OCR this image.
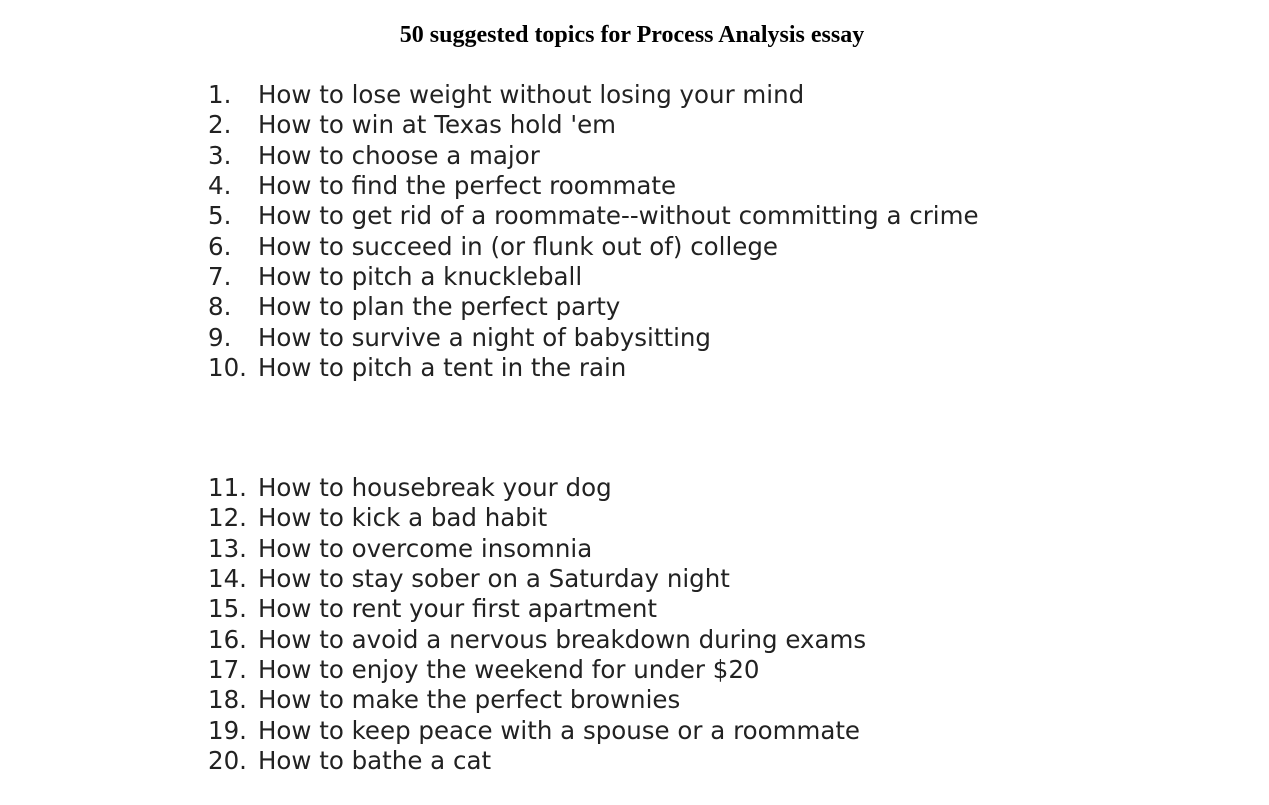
50 suggested topics for Process Analysis essay
1.	How to lose weight without losing your mind
2.	How to win at Texas hold 'em
3.	How to choose a major
4.	How to find the perfect roommate
5.	How to get rid of a roommate--without committing a crime
6.	How to succeed in (or flunk out of) college
7.	How to pitch a knuckleball
8.	How to plan the perfect party
9.	How to survive a night of babysitting
10. How to pitch a tent in the rain
11. How to housebreak your dog
12. How to kick a bad habit
13. How to overcome insomnia
14. How to stay sober on a Saturday night
15. How to rent your first apartment
16. How to avoid a nervous breakdown during exams
17. How to enjoy the weekend for under $20
18. How to make the perfect brownies
19. How to keep peace with a spouse or a roommate
20. How to bathe a cat
